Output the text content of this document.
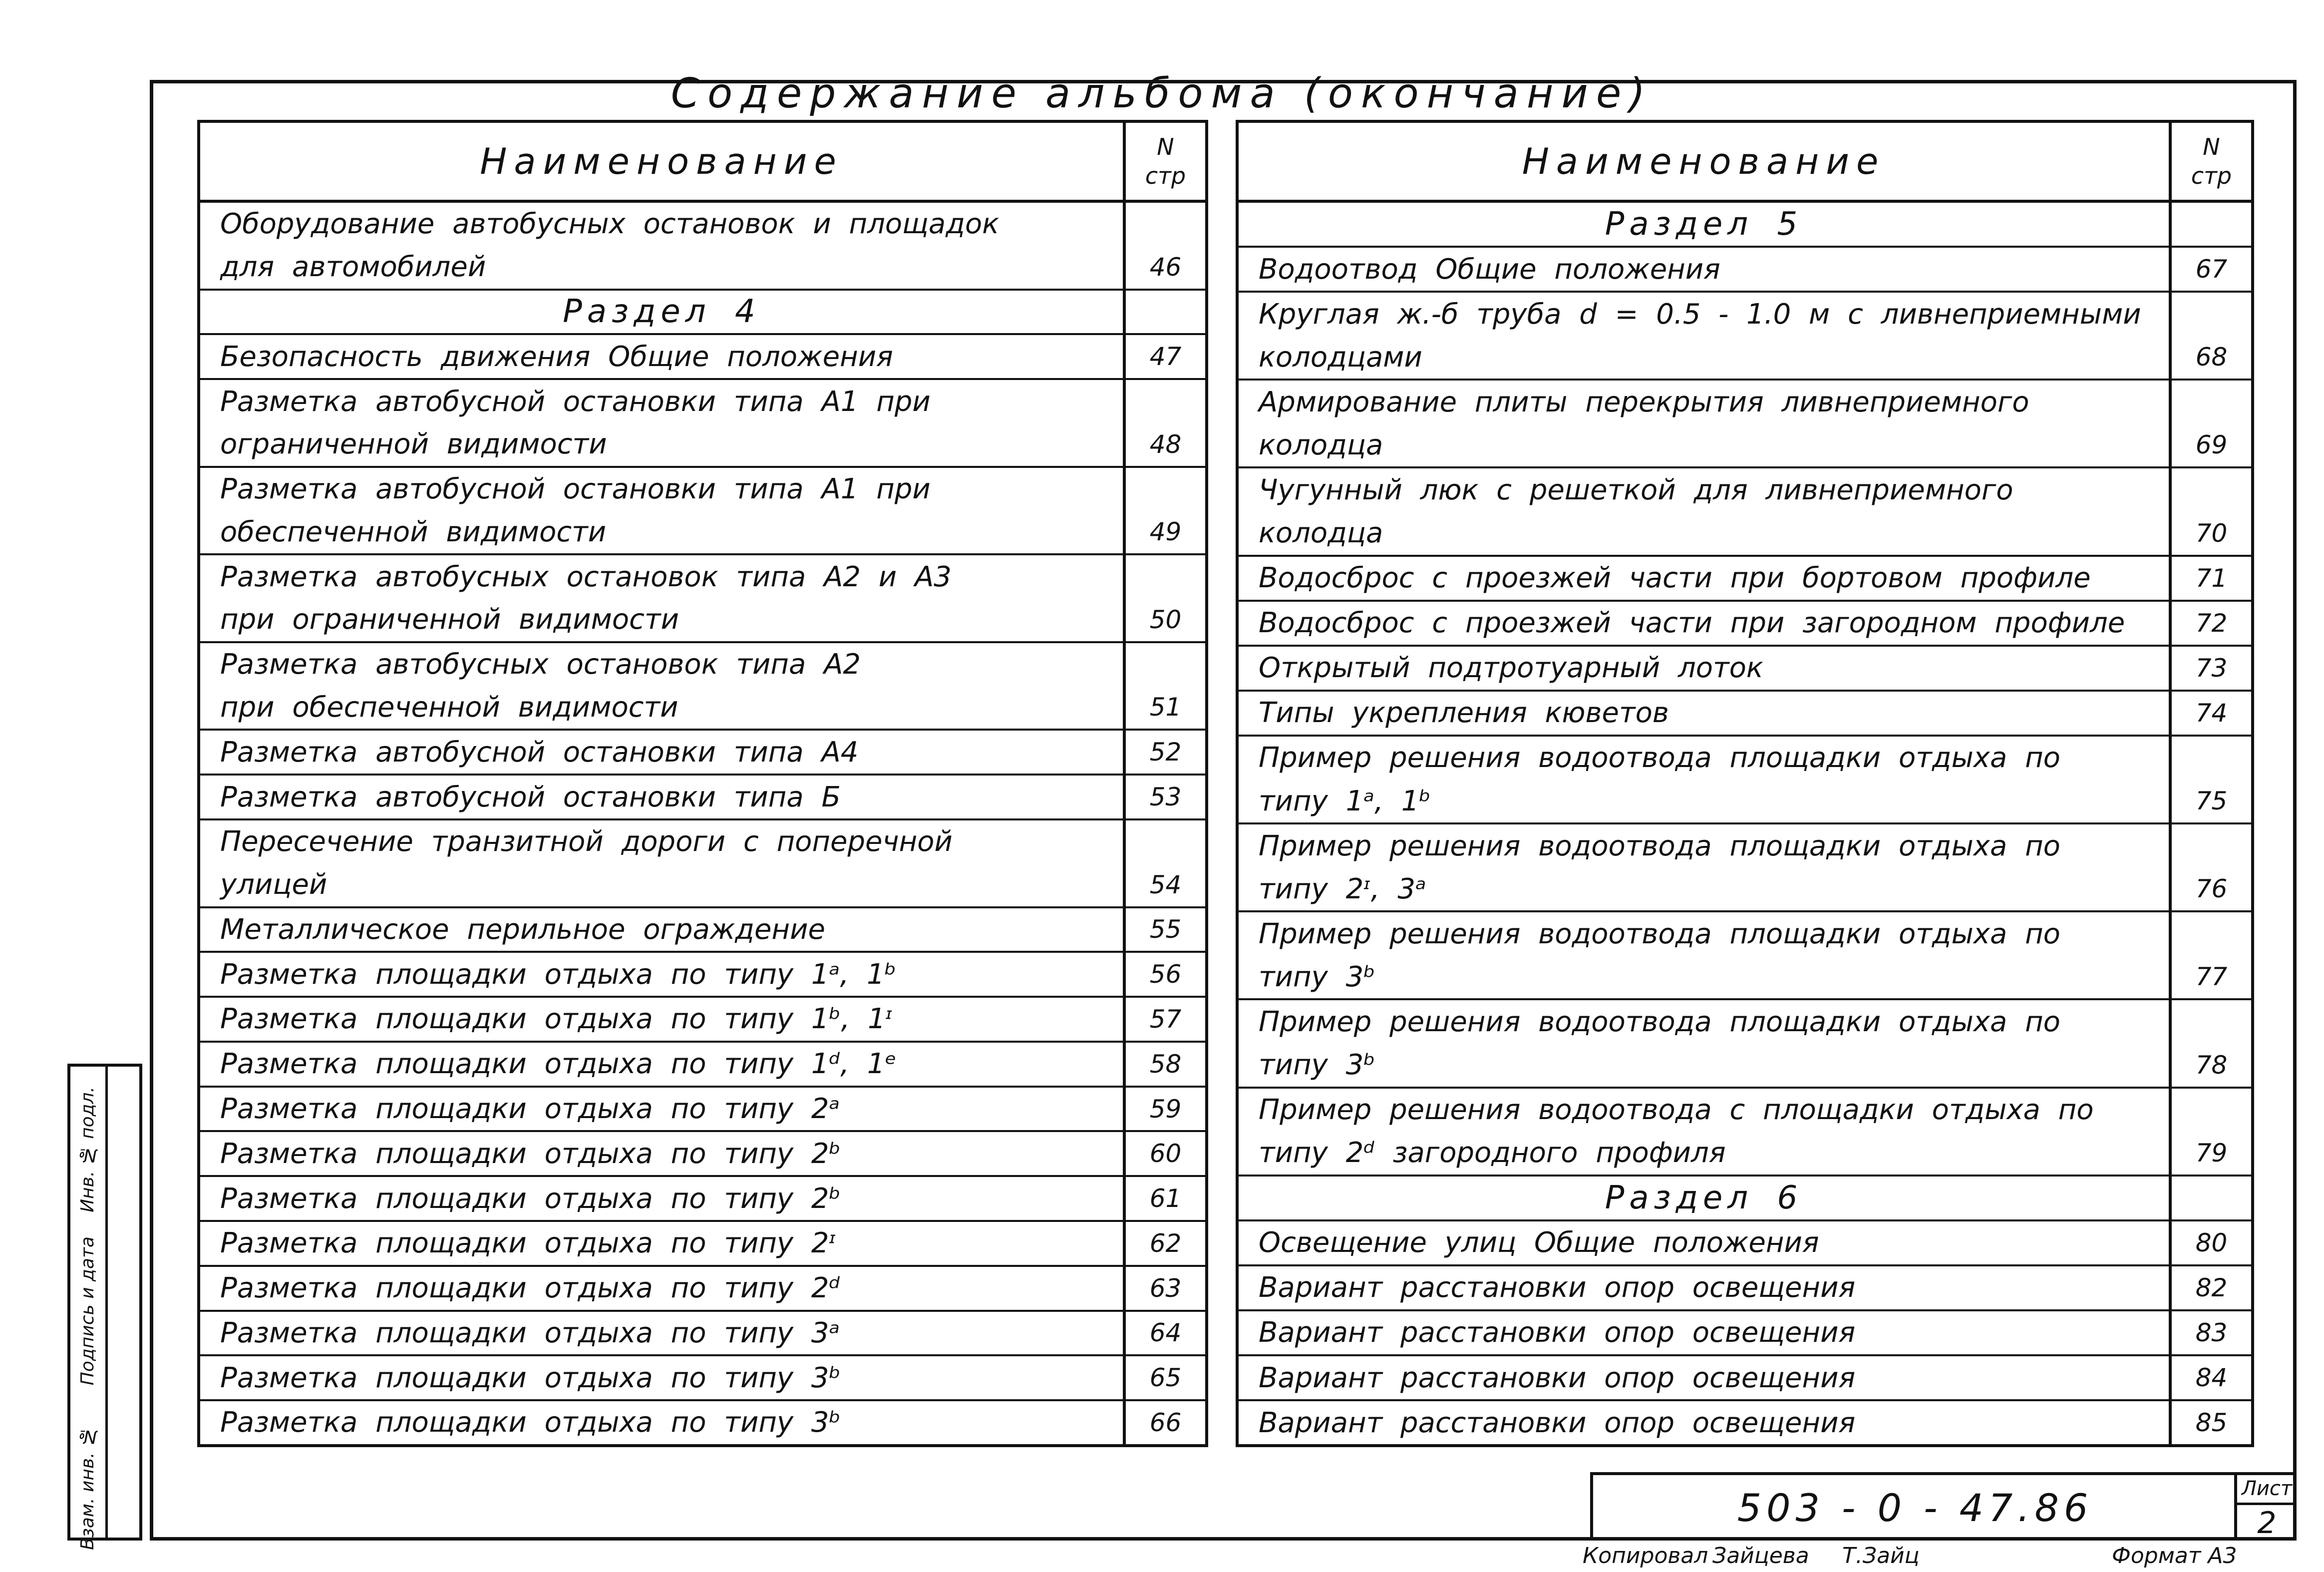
Содержание альбома (окончание)
Наименование	N
стр
Оборудование автобусных остановок и площадок
для автомобилей	46
Раздел 4
Безопасность движения Общие положения	47
Разметка автобусной остановки типа А1 при
ограниченной видимости	48
Разметка автобусной остановки типа А1 при
обеспеченной видимости	49
Разметка автобусных остановок типа А2 и А3
при ограниченной видимости	50
Разметка автобусных остановок типа А2
при обеспеченной видимости	51
Разметка автобусной остановки типа А4	52
Разметка автобусной остановки типа Б	53
Пересечение транзитной дороги с поперечной
улицей	54
Металлическое перильное ограждение	55
Разметка площадки отдыха по типу 1ᵃ, 1ᵇ	56
Разметка площадки отдыха по типу 1ᵇ, 1ᶦ	57
Разметка площадки отдыха по типу 1ᵈ, 1ᵉ	58
Разметка площадки отдыха по типу 2ᵃ	59
Разметка площадки отдыха по типу 2ᵇ	60
Разметка площадки отдыха по типу 2ᵇ	61
Разметка площадки отдыха по типу 2ᶦ	62
Разметка площадки отдыха по типу 2ᵈ	63
Разметка площадки отдыха по типу 3ᵃ	64
Разметка площадки отдыха по типу 3ᵇ	65
Разметка площадки отдыха по типу 3ᵇ	66
Наименование	N
стр
Раздел 5
Водоотвод Общие положения	67
Круглая ж.-б труба d = 0.5 - 1.0 м с ливнеприемными
колодцами	68
Армирование плиты перекрытия ливнеприемного
колодца	69
Чугунный люк с решеткой для ливнеприемного
колодца	70
Водосброс с проезжей части при бортовом профиле	71
Водосброс с проезжей части при загородном профиле	72
Открытый подтротуарный лоток	73
Типы укрепления кюветов	74
Пример решения водоотвода площадки отдыха по
типу 1ᵃ, 1ᵇ	75
Пример решения водоотвода площадки отдыха по
типу 2ᶦ, 3ᵃ	76
Пример решения водоотвода площадки отдыха по
типу 3ᵇ	77
Пример решения водоотвода площадки отдыха по
типу 3ᵇ	78
Пример решения водоотвода с площадки отдыха по
типу 2ᵈ загородного профиля	79
Раздел 6
Освещение улиц Общие положения	80
Вариант расстановки опор освещения	82
Вариант расстановки опор освещения	83
Вариант расстановки опор освещения	84
Вариант расстановки опор освещения	85
Инв. № подл.
Подпись и дата
Взам. инв. №	503 - 0 - 47.86	Лист
2
Копировал Зайцева Т.Зайц	Формат А3
